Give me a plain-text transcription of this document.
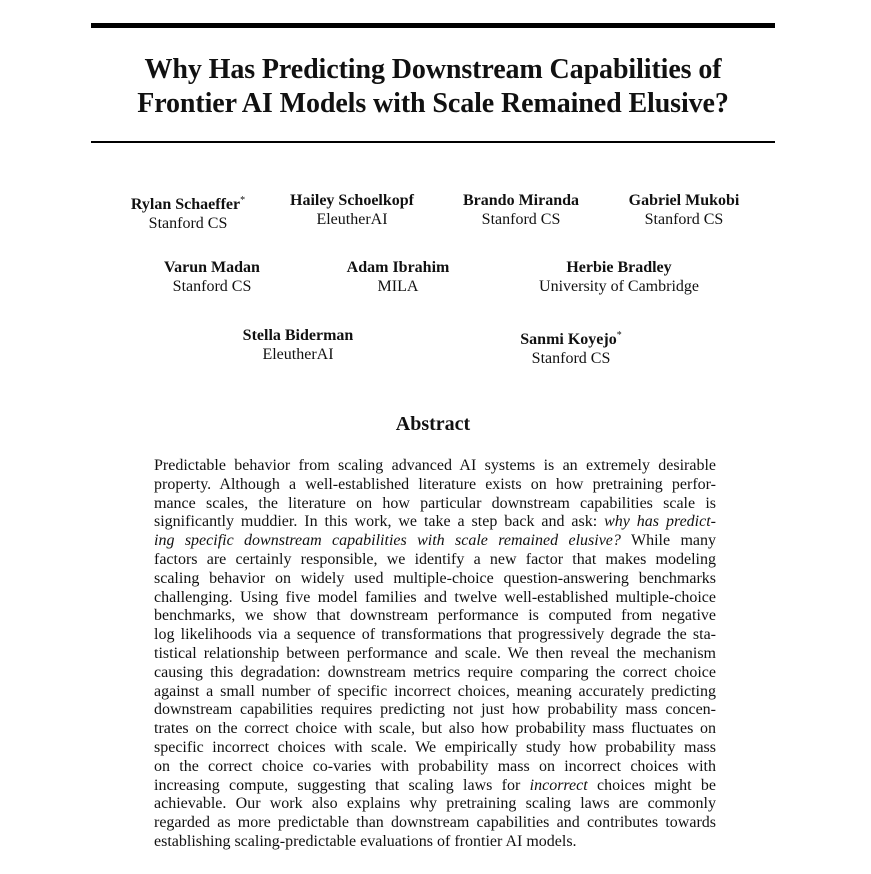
Why Has Predicting Downstream Capabilities of
Frontier AI Models with Scale Remained Elusive?
Rylan Schaeffer*
Stanford CS
Hailey Schoelkopf
EleutherAI
Brando Miranda
Stanford CS
Gabriel Mukobi
Stanford CS
Varun Madan
Stanford CS
Adam Ibrahim
MILA
Herbie Bradley
University of Cambridge
Stella Biderman
EleutherAI
Sanmi Koyejo*
Stanford CS
Abstract
Predictable behavior from scaling advanced AI systems is an extremely desirable
property. Although a well-established literature exists on how pretraining perfor-
mance scales, the literature on how particular downstream capabilities scale is
significantly muddier. In this work, we take a step back and ask: why has predict-
ing specific downstream capabilities with scale remained elusive? While many
factors are certainly responsible, we identify a new factor that makes modeling
scaling behavior on widely used multiple-choice question-answering benchmarks
challenging. Using five model families and twelve well-established multiple-choice
benchmarks, we show that downstream performance is computed from negative
log likelihoods via a sequence of transformations that progressively degrade the sta-
tistical relationship between performance and scale. We then reveal the mechanism
causing this degradation: downstream metrics require comparing the correct choice
against a small number of specific incorrect choices, meaning accurately predicting
downstream capabilities requires predicting not just how probability mass concen-
trates on the correct choice with scale, but also how probability mass fluctuates on
specific incorrect choices with scale. We empirically study how probability mass
on the correct choice co-varies with probability mass on incorrect choices with
increasing compute, suggesting that scaling laws for incorrect choices might be
achievable. Our work also explains why pretraining scaling laws are commonly
regarded as more predictable than downstream capabilities and contributes towards
establishing scaling-predictable evaluations of frontier AI models.
